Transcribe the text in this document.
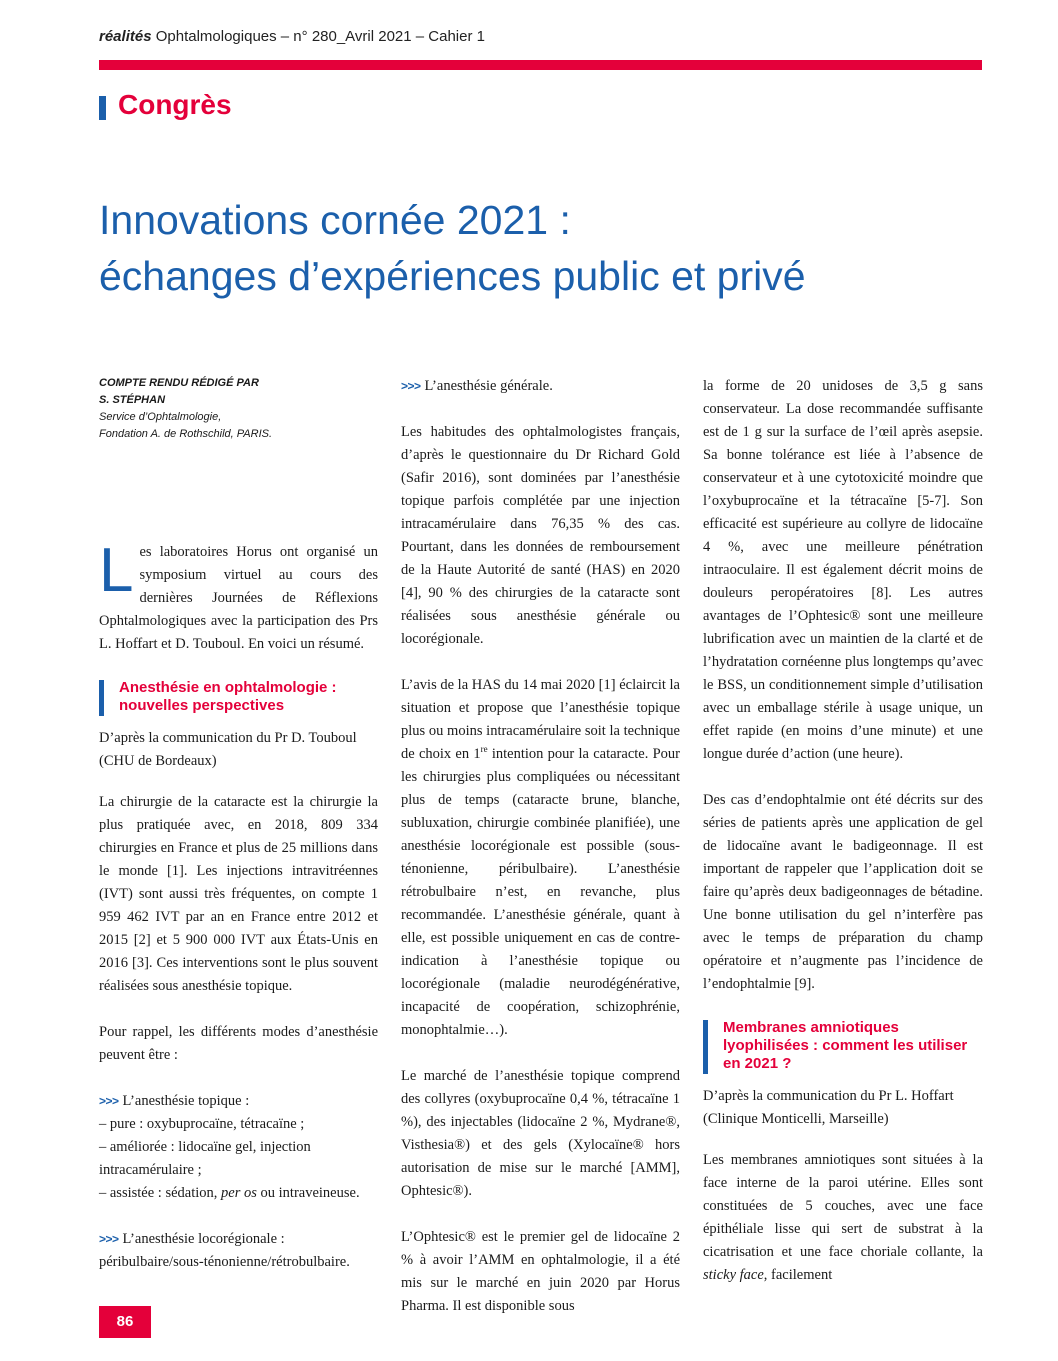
réalités Ophtalmologiques – n° 280_Avril 2021 – Cahier 1
Congrès
Innovations cornée 2021 :
échanges d’expériences public et privé
COMPTE RENDU RÉDIGÉ PAR
S. STÉPHAN
Service d’Ophtalmologie,
Fondation A. de Rothschild, PARIS.

Les laboratoires Horus ont organisé un symposium virtuel au cours des dernières Journées de Réflexions Ophtalmologiques avec la participation des Prs L. Hoffart et D. Touboul. En voici un résumé.

Anesthésie en ophtalmologie : nouvelles perspectives
D’après la communication du Pr D. Touboul (CHU de Bordeaux)

La chirurgie de la cataracte est la chirurgie la plus pratiquée avec, en 2018, 809 334 chirurgies en France et plus de 25 millions dans le monde [1]. Les injections intravitréennes (IVT) sont aussi très fréquentes, on compte 1 959 462 IVT par an en France entre 2012 et 2015 [2] et 5 900 000 IVT aux États-Unis en 2016 [3]. Ces interventions sont le plus souvent réalisées sous anesthésie topique.

Pour rappel, les différents modes d’anesthésie peuvent être :

>>> L’anesthésie topique :
– pure : oxybuprocaïne, tétracaïne ;
– améliorée : lidocaïne gel, injection intracamérulaire ;
– assistée : sédation, per os ou intraveineuse.

>>> L’anesthésie locorégionale : péribulbaire/sous-ténonienne/rétrobulbaire.

>>> L’anesthésie générale.

Les habitudes des ophtalmologistes français, d’après le questionnaire du Dr Richard Gold (Safir 2016), sont dominées par l’anesthésie topique parfois complétée par une injection intracamérulaire dans 76,35 % des cas. Pourtant, dans les données de remboursement de la Haute Autorité de santé (HAS) en 2020 [4], 90 % des chirurgies de la cataracte sont réalisées sous anesthésie générale ou locorégionale.

L’avis de la HAS du 14 mai 2020 [1] éclaircit la situation et propose que l’anesthésie topique plus ou moins intracamérulaire soit la technique de choix en 1re intention pour la cataracte. Pour les chirurgies plus compliquées ou nécessitant plus de temps (cataracte brune, blanche, subluxation, chirurgie combinée planifiée), une anesthésie locorégionale est possible (sous-ténonienne, péribulbaire). L’anesthésie rétrobulbaire n’est, en revanche, plus recommandée. L’anesthésie générale, quant à elle, est possible uniquement en cas de contre-indication à l’anesthésie topique ou locorégionale (maladie neurodégénérative, incapacité de coopération, schizophrénie, monophtalmie…).

Le marché de l’anesthésie topique comprend des collyres (oxybuprocaïne 0,4 %, tétracaïne 1 %), des injectables (lidocaïne 2 %, Mydrane®, Visthesia®) et des gels (Xylocaïne® hors autorisation de mise sur le marché [AMM], Ophtesic®).

L’Ophtesic® est le premier gel de lidocaïne 2 % à avoir l’AMM en ophtalmologie, il a été mis sur le marché en juin 2020 par Horus Pharma. Il est disponible sous

la forme de 20 unidoses de 3,5 g sans conservateur. La dose recommandée suffisante est de 1 g sur la surface de l’œil après asepsie. Sa bonne tolérance est liée à l’absence de conservateur et à une cytotoxicité moindre que l’oxybuprocaïne et la tétracaïne [5-7]. Son efficacité est supérieure au collyre de lidocaïne 4 %, avec une meilleure pénétration intraoculaire. Il est également décrit moins de douleurs peropératoires [8]. Les autres avantages de l’Ophtesic® sont une meilleure lubrification avec un maintien de la clarté et de l’hydratation cornéenne plus longtemps qu’avec le BSS, un conditionnement simple d’utilisation avec un emballage stérile à usage unique, un effet rapide (en moins d’une minute) et une longue durée d’action (une heure).

Des cas d’endophtalmie ont été décrits sur des séries de patients après une application de gel de lidocaïne avant le badigeonnage. Il est important de rappeler que l’application doit se faire qu’après deux badigeonnages de bétadine. Une bonne utilisation du gel n’interfère pas avec le temps de préparation du champ opératoire et n’augmente pas l’incidence de l’endophtalmie [9].

Membranes amniotiques lyophilisées : comment les utiliser en 2021 ?
D’après la communication du Pr L. Hoffart (Clinique Monticelli, Marseille)

Les membranes amniotiques sont situées à la face interne de la paroi utérine. Elles sont constituées de 5 couches, avec une face épithéliale lisse qui sert de substrat à la cicatrisation et une face choriale collante, la sticky face, facilement

86
